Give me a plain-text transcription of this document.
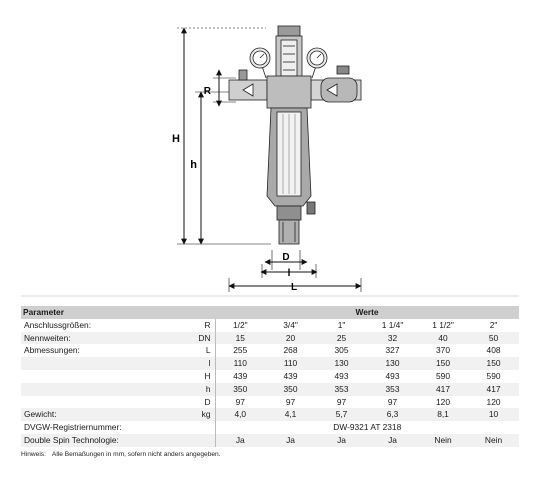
H
h
R
D
l
L
Parameter		Werte					
Anschlussgrößen:	R	1/2"	3/4"	1"	1 1/4"	1 1/2"	2"
Nennweiten:	DN	15	20	25	32	40	50
Abmessungen:	L	255	268	305	327	370	408
	l	110	110	130	130	150	150
	H	439	439	493	493	590	590
	h	350	350	353	353	417	417
	D	97	97	97	97	120	120
Gewicht:	kg	4,0	4,1	5,7	6,3	8,1	10
DVGW-Registriernummer:		DW-9321 AT 2318					
Double Spin Technologie:		Ja	Ja	Ja	Ja	Nein	Nein
Hinweis: Alle Bemaßungen in mm, sofern nicht anders angegeben.
